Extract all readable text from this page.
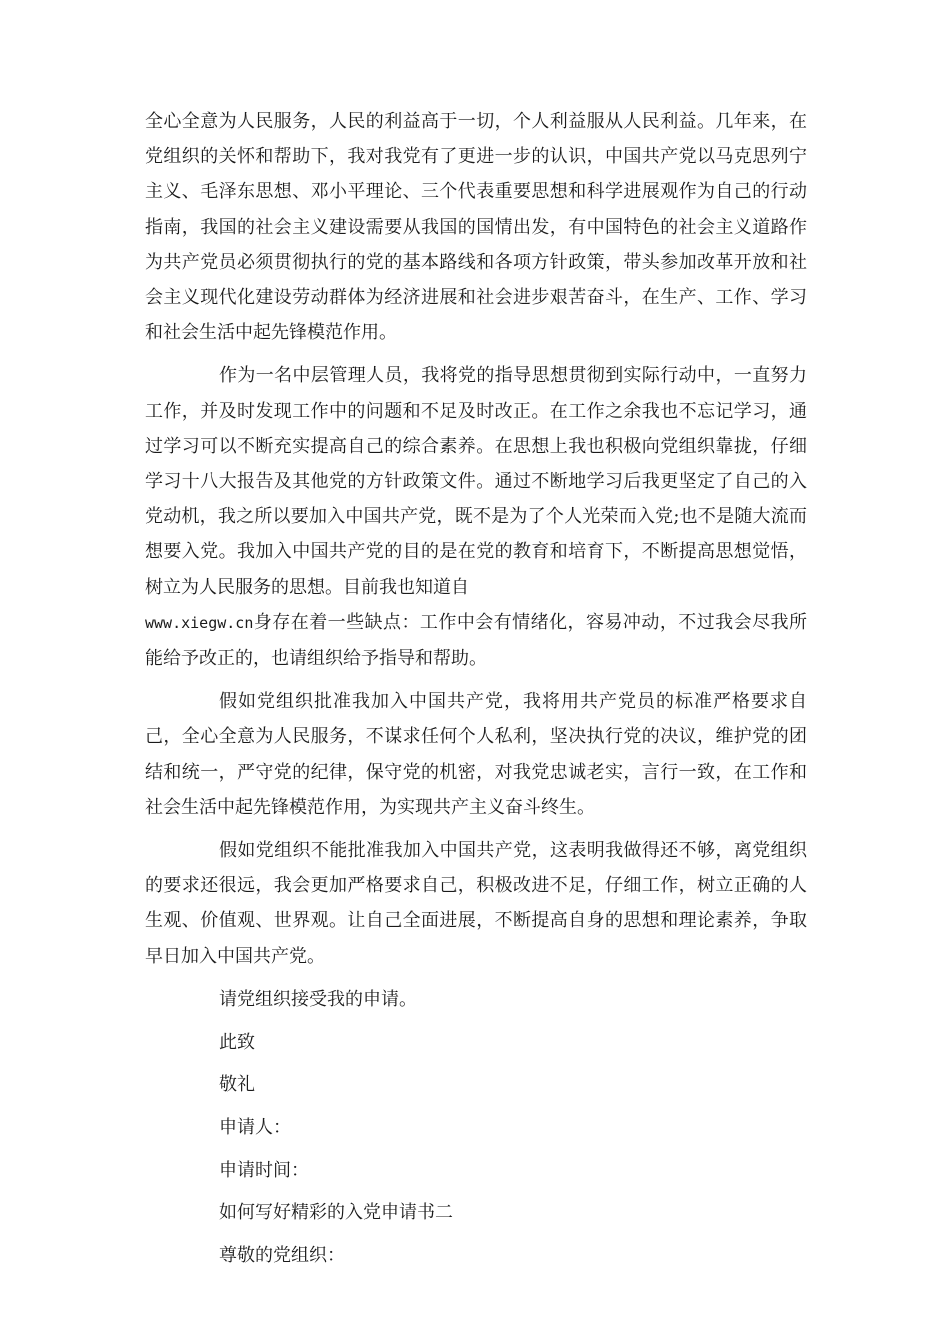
全心全意为人民服务，人民的利益高于一切，个人利益服从人民利益。几年来，在党组织的关怀和帮助下，我对我党有了更进一步的认识，中国共产党以马克思列宁主义、毛泽东思想、邓小平理论、三个代表重要思想和科学进展观作为自己的行动指南，我国的社会主义建设需要从我国的国情出发，有中国特色的社会主义道路作为共产党员必须贯彻执行的党的基本路线和各项方针政策，带头参加改革开放和社会主义现代化建设劳动群体为经济进展和社会进步艰苦奋斗，在生产、工作、学习和社会生活中起先锋模范作用。

作为一名中层管理人员，我将党的指导思想贯彻到实际行动中，一直努力工作，并及时发现工作中的问题和不足及时改正。在工作之余我也不忘记学习，通过学习可以不断充实提高自己的综合素养。在思想上我也积极向党组织靠拢，仔细学习十八大报告及其他党的方针政策文件。通过不断地学习后我更坚定了自己的入党动机，我之所以要加入中国共产党，既不是为了个人光荣而入党;也不是随大流而想要入党。我加入中国共产党的目的是在党的教育和培育下，不断提高思想觉悟，树立为人民服务的思想。目前我也知道自
www.xiegw.cn身存在着一些缺点：工作中会有情绪化，容易冲动，不过我会尽我所能给予改正的，也请组织给予指导和帮助。

假如党组织批准我加入中国共产党，我将用共产党员的标准严格要求自己，全心全意为人民服务，不谋求任何个人私利，坚决执行党的决议，维护党的团结和统一，严守党的纪律，保守党的机密，对我党忠诚老实，言行一致，在工作和社会生活中起先锋模范作用，为实现共产主义奋斗终生。

假如党组织不能批准我加入中国共产党，这表明我做得还不够，离党组织的要求还很远，我会更加严格要求自己，积极改进不足，仔细工作，树立正确的人生观、价值观、世界观。让自己全面进展，不断提高自身的思想和理论素养，争取早日加入中国共产党。

请党组织接受我的申请。
此致
敬礼
申请人：
申请时间：
如何写好精彩的入党申请书二
尊敬的党组织：
